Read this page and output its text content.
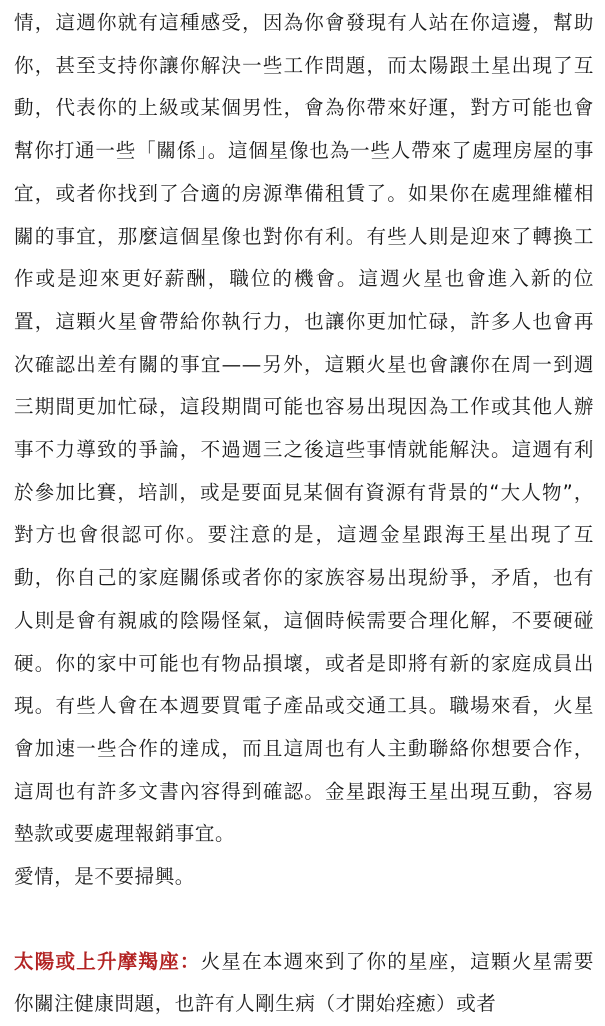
情，這週你就有這種感受，因為你會發現有人站在你這邊，幫助你，甚至支持你讓你解決一些工作問題，而太陽跟土星出現了互動，代表你的上級或某個男性，會為你帶來好運，對方可能也會幫你打通一些「關係」。這個星像也為一些人帶來了處理房屋的事宜，或者你找到了合適的房源準備租賃了。如果你在處理維權相關的事宜，那麼這個星像也對你有利。有些人則是迎來了轉換工作或是迎來更好薪酬，職位的機會。這週火星也會進入新的位置，這顆火星會帶給你執行力，也讓你更加忙碌，許多人也會再次確認出差有關的事宜——另外，這顆火星也會讓你在周一到週三期間更加忙碌，這段期間可能也容易出現因為工作或其他人辦事不力導致的爭論，不過週三之後這些事情就能解決。這週有利於參加比賽，培訓，或是要面見某個有資源有背景的“大人物”，對方也會很認可你。要注意的是，這週金星跟海王星出現了互動，你自己的家庭關係或者你的家族容易出現紛爭，矛盾，也有人則是會有親戚的陰陽怪氣，這個時候需要合理化解，不要硬碰硬。你的家中可能也有物品損壞，或者是即將有新的家庭成員出現。有些人會在本週要買電子產品或交通工具。職場來看，火星會加速一些合作的達成，而且這周也有人主動聯絡你想要合作，這周也有許多文書內容得到確認。金星跟海王星出現互動，容易墊款或要處理報銷事宜。

愛情，是不要掃興。

太陽或上升摩羯座：火星在本週來到了你的星座，這顆火星需要你關注健康問題，也許有人剛生病（才開始痊癒）或者
